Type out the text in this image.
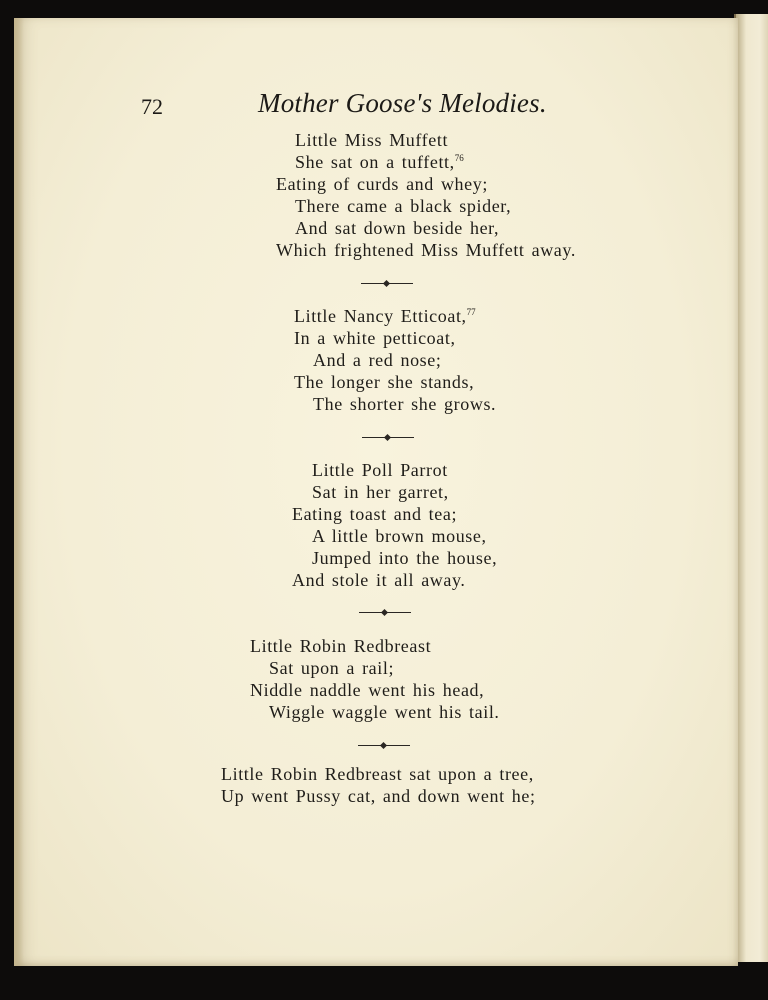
72	Mother Goose's Melodies.
Little Miss Muffett
She sat on a tuffett,$^{76}$
Eating of curds and whey;
There came a black spider,
And sat down beside her,
Which frightened Miss Muffett away.
Little Nancy Etticoat,$^{77}$
In a white petticoat,
And a red nose;
The longer she stands,
The shorter she grows.
Little Poll Parrot
Sat in her garret,
Eating toast and tea;
A little brown mouse,
Jumped into the house,
And stole it all away.
Little Robin Redbreast
Sat upon a rail;
Niddle naddle went his head,
Wiggle waggle went his tail.
Little Robin Redbreast sat upon a tree,
Up went Pussy cat, and down went he;
